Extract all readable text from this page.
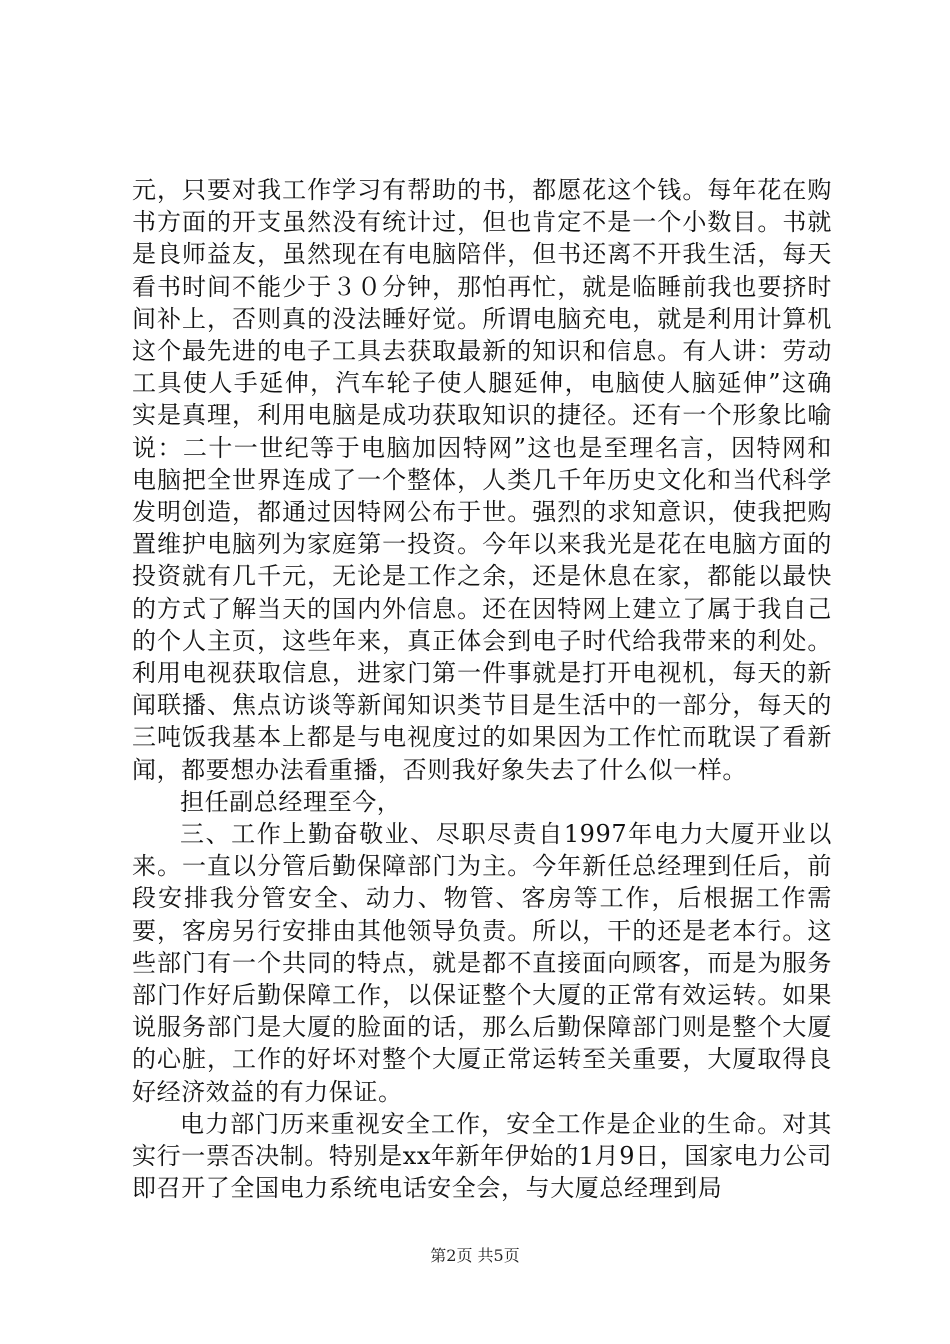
元，只要对我工作学习有帮助的书，都愿花这个钱。每年花在购书方面的开支虽然没有统计过，但也肯定不是一个小数目。书就是良师益友，虽然现在有电脑陪伴，但书还离不开我生活，每天看书时间不能少于３０分钟，那怕再忙，就是临睡前我也要挤时间补上，否则真的没法睡好觉。所谓电脑充电，就是利用计算机这个最先进的电子工具去获取最新的知识和信息。有人讲：劳动工具使人手延伸，汽车轮子使人腿延伸，电脑使人脑延伸”这确实是真理，利用电脑是成功获取知识的捷径。还有一个形象比喻说：二十一世纪等于电脑加因特网”这也是至理名言，因特网和电脑把全世界连成了一个整体，人类几千年历史文化和当代科学发明创造，都通过因特网公布于世。强烈的求知意识，使我把购置维护电脑列为家庭第一投资。今年以来我光是花在电脑方面的投资就有几千元，无论是工作之余，还是休息在家，都能以最快的方式了解当天的国内外信息。还在因特网上建立了属于我自己的个人主页，这些年来，真正体会到电子时代给我带来的利处。利用电视获取信息，进家门第一件事就是打开电视机，每天的新闻联播、焦点访谈等新闻知识类节目是生活中的一部分，每天的三吨饭我基本上都是与电视度过的如果因为工作忙而耽误了看新闻，都要想办法看重播，否则我好象失去了什么似一样。

担任副总经理至今，

三、工作上勤奋敬业、尽职尽责自1997年电力大厦开业以来。一直以分管后勤保障部门为主。今年新任总经理到任后，前段安排我分管安全、动力、物管、客房等工作，后根据工作需要，客房另行安排由其他领导负责。所以，干的还是老本行。这些部门有一个共同的特点，就是都不直接面向顾客，而是为服务部门作好后勤保障工作，以保证整个大厦的正常有效运转。如果说服务部门是大厦的脸面的话，那么后勤保障部门则是整个大厦的心脏，工作的好坏对整个大厦正常运转至关重要，大厦取得良好经济效益的有力保证。

电力部门历来重视安全工作，安全工作是企业的生命。对其实行一票否决制。特别是xx年新年伊始的1月9日，国家电力公司即召开了全国电力系统电话安全会，与大厦总经理到局

第2页 共5页
